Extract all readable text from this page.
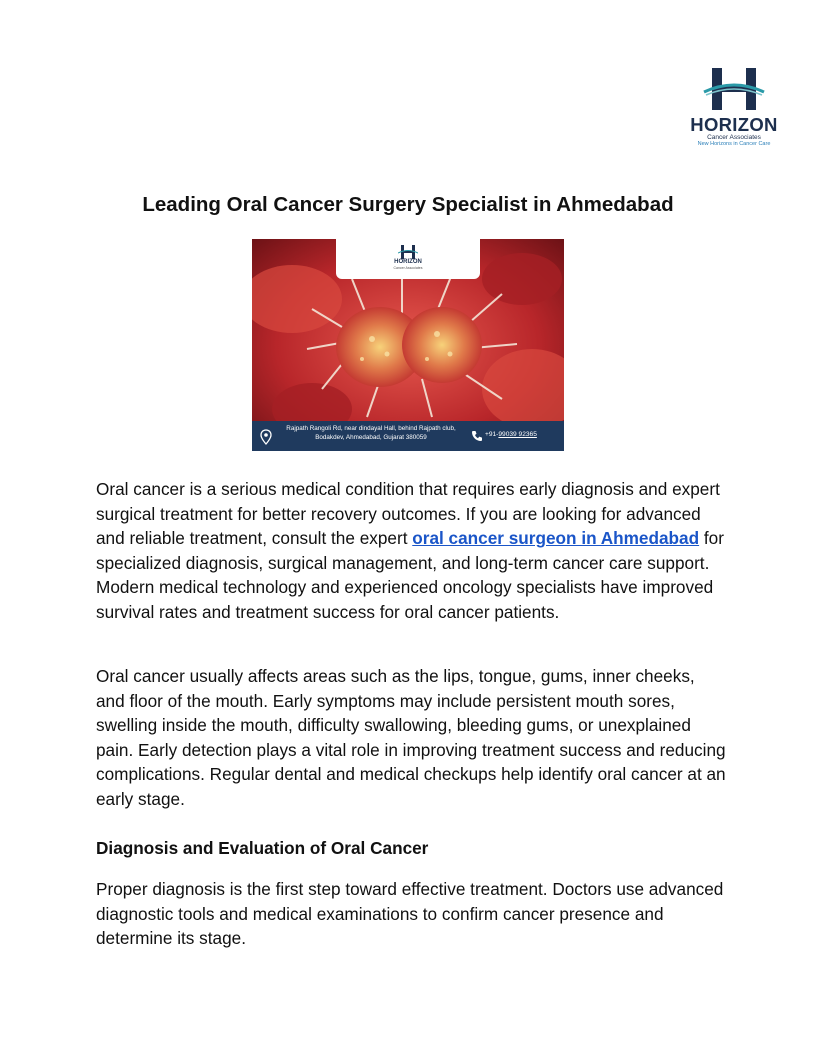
HORIZON
Cancer Associates
New Horizons in Cancer Care
Leading Oral Cancer Surgery Specialist in Ahmedabad
HORIZON
Cancer Associates
Rajpath Rangoli Rd, near dindayal Hall, behind Rajpath club, Bodakdev, Ahmedabad, Gujarat 380059	+91-99039 92365

Oral cancer is a serious medical condition that requires early diagnosis and expert surgical treatment for better recovery outcomes. If you are looking for advanced and reliable treatment, consult the expert oral cancer surgeon in Ahmedabad for specialized diagnosis, surgical management, and long-term cancer care support. Modern medical technology and experienced oncology specialists have improved survival rates and treatment success for oral cancer patients.

Oral cancer usually affects areas such as the lips, tongue, gums, inner cheeks, and floor of the mouth. Early symptoms may include persistent mouth sores, swelling inside the mouth, difficulty swallowing, bleeding gums, or unexplained pain. Early detection plays a vital role in improving treatment success and reducing complications. Regular dental and medical checkups help identify oral cancer at an early stage.

Diagnosis and Evaluation of Oral Cancer

Proper diagnosis is the first step toward effective treatment. Doctors use advanced diagnostic tools and medical examinations to confirm cancer presence and determine its stage.
